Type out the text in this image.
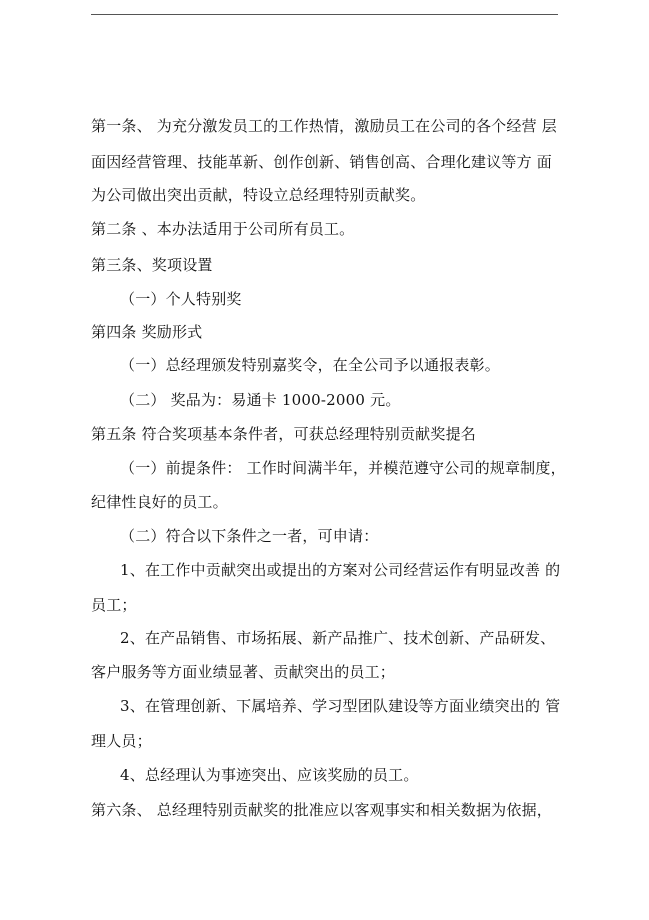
第一条、 为充分激发员工的工作热情，激励员工在公司的各个经营 层
面因经营管理、技能革新、创作创新、销售创高、合理化建议等方 面
为公司做出突出贡献，特设立总经理特别贡献奖。
第二条 、本办法适用于公司所有员工。
第三条、奖项设置
（一）个人特别奖
第四条 奖励形式
（一）总经理颁发特别嘉奖令，在全公司予以通报表彰。
（二） 奖品为：易通卡 1000-2000 元。
第五条 符合奖项基本条件者，可获总经理特别贡献奖提名
（一）前提条件： 工作时间满半年，并模范遵守公司的规章制度，
纪律性良好的员工。
（二）符合以下条件之一者，可申请：
1、在工作中贡献突出或提出的方案对公司经营运作有明显改善 的
员工；
2、在产品销售、市场拓展、新产品推广、技术创新、产品研发、
客户服务等方面业绩显著、贡献突出的员工；
3、在管理创新、下属培养、学习型团队建设等方面业绩突出的 管
理人员；
4、总经理认为事迹突出、应该奖励的员工。
第六条、 总经理特别贡献奖的批准应以客观事实和相关数据为依据，
